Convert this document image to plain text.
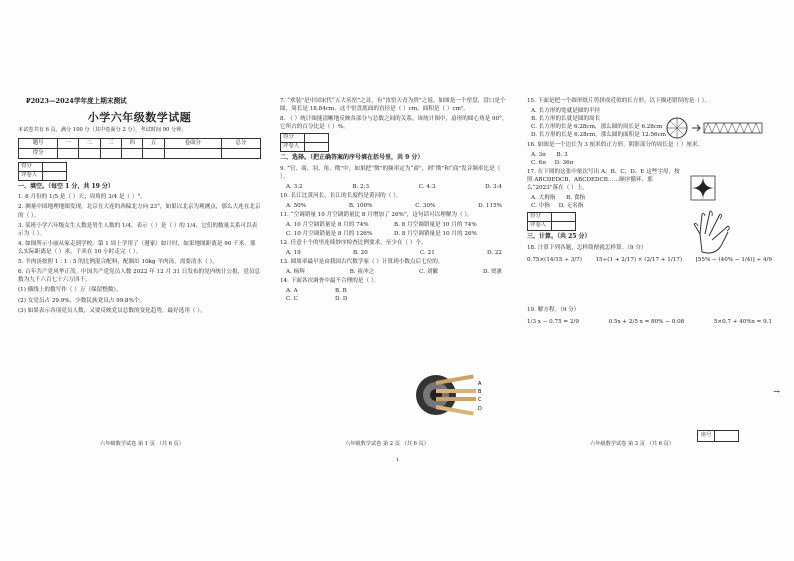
₽2023—2024学年度上期末测试
小学六年级数学试题
本试卷共有 6 页，满分 100 分（其中卷面分 2 分），考试时间 90 分钟。
题号	一	二	三	四	五	卷面分	总分
得分							
得分	
评卷人	
一、填空。（每空 1 分，共 19 分）
1. 6 月份的 1/5 是（ ）天；周角的 3/4 是（ ）°。
2. 测量中国地理地图发现，北京在大连的西偏北方向 23°，如果以北京为观测点，那么大连在北京的（ ）。
3. 某班小学六年级女生人数是男生人数的 1/4，表示（ ）是（ ）的 1/4，它们的数量关系可以表示为（ ）。
4. 如图所示小丽从家走到学校。第 1 周上学用了（遵家）如计时，如果地图距离是 90 千米，那么实际距离是（ ）米，千米在 10 小时走完（ ）。
5. 羊肉汤按照 1 : 1 : 5 的比例混合配料，配制出 10kg 羊肉汤，需要清水（ ）。
6. 百年共产党风华正茂。中国共产党党员人数 2022 年 12 月 31 日发布的党内统计公报，党员总数为九千六百七十六万四千。
(1) 横线上的数写作（ ）万（保留整数）。
(2) 女党员占 29.9%，少数民族党员占 99.8%个。
(3) 如果表示各项党员人数，又要反映党员总数的变化趋势，最好选用（ ）。
7. “欢装”是中国宋代“五大名窑”之首，有“汝窑天青为贵”之说。如图是一个窑盘，盘口是个圆，周长是 18.84cm，这个窑盘底面的直径是（ ）cm，面积是（ ）cm²。
8. （ ）统计图能清晰地反映各部分与总数之间的关系，该统计图中，扇形的圆心角是 90°，它所占的百分比是（ ）%。
得分	
评卷人	
二、选择。（把正确答案的序号填在括号里，共 9 分）
9. “官、商、羽、角、徵”中，如果把“徵”的频率定为“商”，则“徵”和“商”发音频率比是（ ）。
A. 3:2	B. 2:3	C. 4:3	D. 3:4
10. 长江比黄河长，长江的长度约是黄河的（ ）。
A. 50%	B. 100%	C. 30%	D. 115%
11. “空调销量 10 月空调销量比 8 月增加了 26%”，这句话可以理解为（ ）。
A. 10 月空调销量是 8 月的 74%	B. 8 月空调销量是 10 月的 74%
C. 10 月空调销量是 8 月的 126%	D. 8 月空调销量是 10 月的 26%
12. 任意十个的里连续妙序检查比例要求，至少在（ ）个。
A. 19	B. 20	C. 21	D. 22
13. 圆周率最早是由我国古代数学家（ ）计算到小数点后七位的。
A. 杨辉	B. 祖冲之	C. 刘徽	D. 贾憲
14. 下面各次调查中最不合理的是（ ）。
A. A	B. B
C. C	D. D
A
B
C
D
15. 下面是把一个圆形纸片剪拼成近似的长方形，以下描述错误的是（ ）。
A. 长方形的宽就是圆的半径
B. 长方形的长就是圆的周长
C. 长方形的长是 6.28cm，那么圆的周长是 6.28cm
D. 长方形的长是 6.28cm，那么圆的面积是 12.56cm
16. 如图是一个边长为 3 厘米的正方形，阴影部分的周长是（ ）厘米。
A. 3π B. 3
C. 6π D. 36π
17. 在下图的这张中依次写出 A、B、C、D、E 这些字母，按照 ABCDEDCB、ABCDEDCB……顺序循环，那么“2023”落在（ ）上。
A. 大拇指 B. 食指
C. 中指 D. 无名指
得分	
评卷人	
三、计算。（共 25 分）
18. 计算下列各题，怎样简便就怎样算。（9 分）
0.75×(14/15 ÷ 3/7) 15÷(1 + 2/17) × (2/17 + 1/17) [55% − (40% − 1/4)] ÷ 4/9
19. 解方程。（9 分）
1/3 x − 0.75 = 2/9	0.5x + 2/5 x = 80% − 0.08	5×0.7 + 40%x = 9.1
六年级数学试卷 第 1 页 （共 6 页）	六年级数学试卷 第 2 页 （共 6 页）	六年级数学试卷 第 3 页 （共 6 页）
座号	
1
→
